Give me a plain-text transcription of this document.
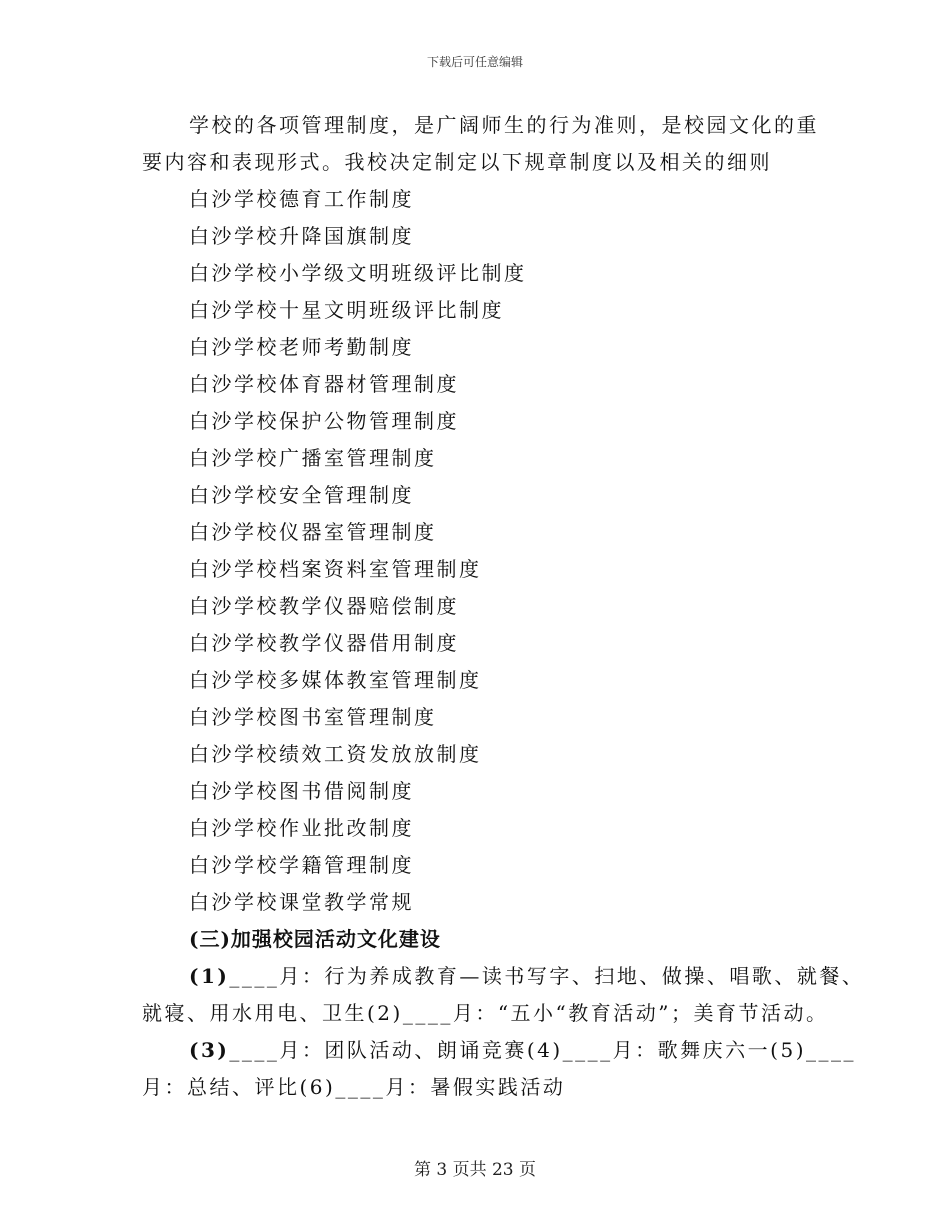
下载后可任意编辑
学校的各项管理制度，是广阔师生的行为准则，是校园文化的重
要内容和表现形式。我校决定制定以下规章制度以及相关的细则
白沙学校德育工作制度
白沙学校升降国旗制度
白沙学校小学级文明班级评比制度
白沙学校十星文明班级评比制度
白沙学校老师考勤制度
白沙学校体育器材管理制度
白沙学校保护公物管理制度
白沙学校广播室管理制度
白沙学校安全管理制度
白沙学校仪器室管理制度
白沙学校档案资料室管理制度
白沙学校教学仪器赔偿制度
白沙学校教学仪器借用制度
白沙学校多媒体教室管理制度
白沙学校图书室管理制度
白沙学校绩效工资发放放制度
白沙学校图书借阅制度
白沙学校作业批改制度
白沙学校学籍管理制度
白沙学校课堂教学常规
(三)加强校园活动文化建设
(1)____月：行为养成教育—读书写字、扫地、做操、唱歌、就餐、
就寝、用水用电、卫生(2)____月：“五小“教育活动”；美育节活动。
(3)____月：团队活动、朗诵竞赛(4)____月：歌舞庆六一(5)____
月：总结、评比(6)____月：暑假实践活动
第 3 页共 23 页
